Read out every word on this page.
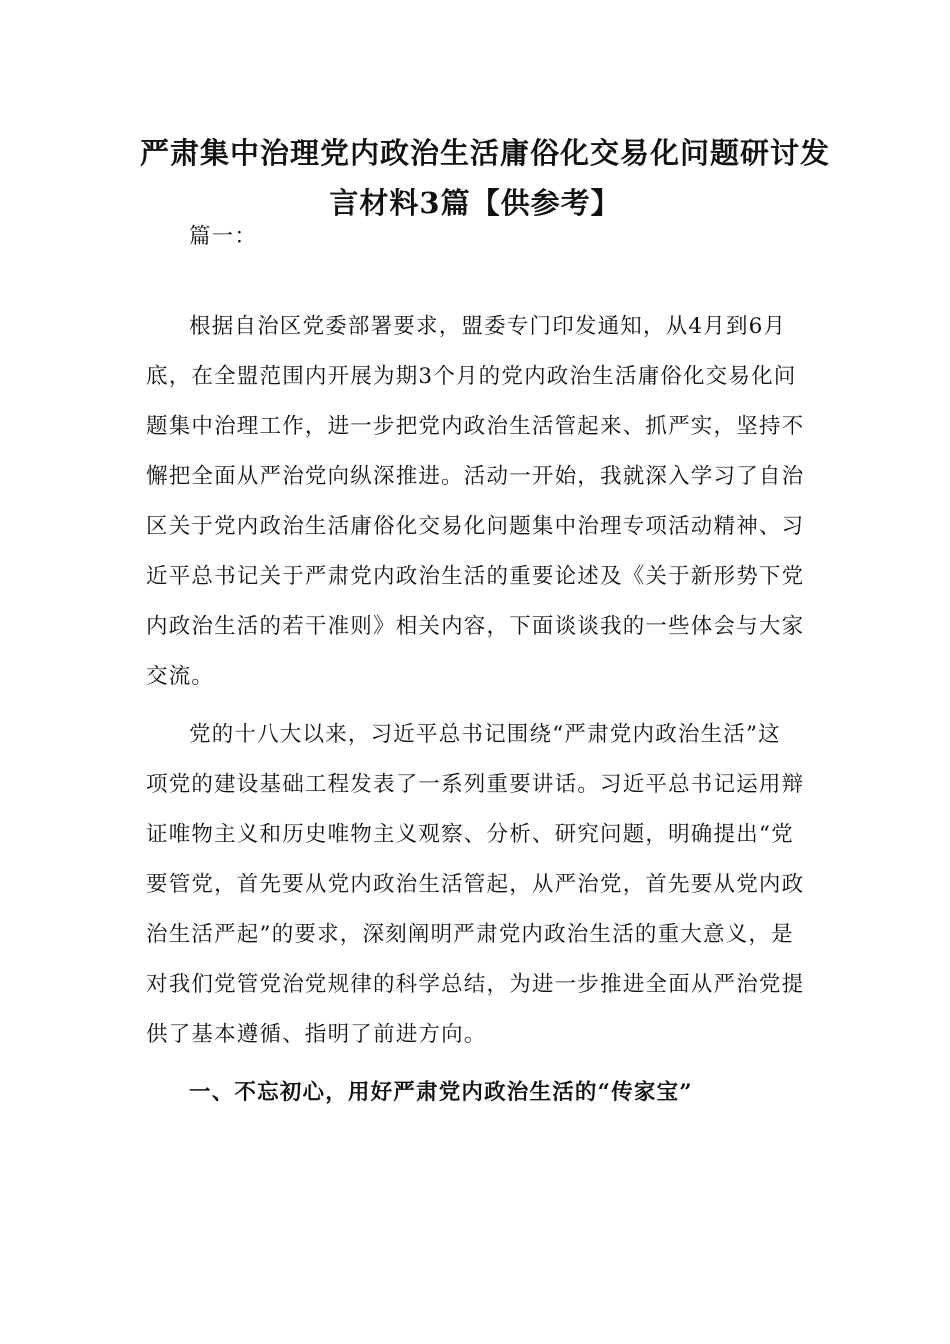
严肃集中治理党内政治生活庸俗化交易化问题研讨发
言材料3篇【供参考】
篇一：
根据自治区党委部署要求，盟委专门印发通知，从4月到6月
底，在全盟范围内开展为期3个月的党内政治生活庸俗化交易化问
题集中治理工作，进一步把党内政治生活管起来、抓严实，坚持不
懈把全面从严治党向纵深推进。活动一开始，我就深入学习了自治
区关于党内政治生活庸俗化交易化问题集中治理专项活动精神、习
近平总书记关于严肃党内政治生活的重要论述及《关于新形势下党
内政治生活的若干准则》相关内容，下面谈谈我的一些体会与大家
交流。
党的十八大以来，习近平总书记围绕“严肃党内政治生活”这
项党的建设基础工程发表了一系列重要讲话。习近平总书记运用辩
证唯物主义和历史唯物主义观察、分析、研究问题，明确提出“党
要管党，首先要从党内政治生活管起，从严治党，首先要从党内政
治生活严起”的要求，深刻阐明严肃党内政治生活的重大意义，是
对我们党管党治党规律的科学总结，为进一步推进全面从严治党提
供了基本遵循、指明了前进方向。
一、不忘初心，用好严肃党内政治生活的“传家宝”
